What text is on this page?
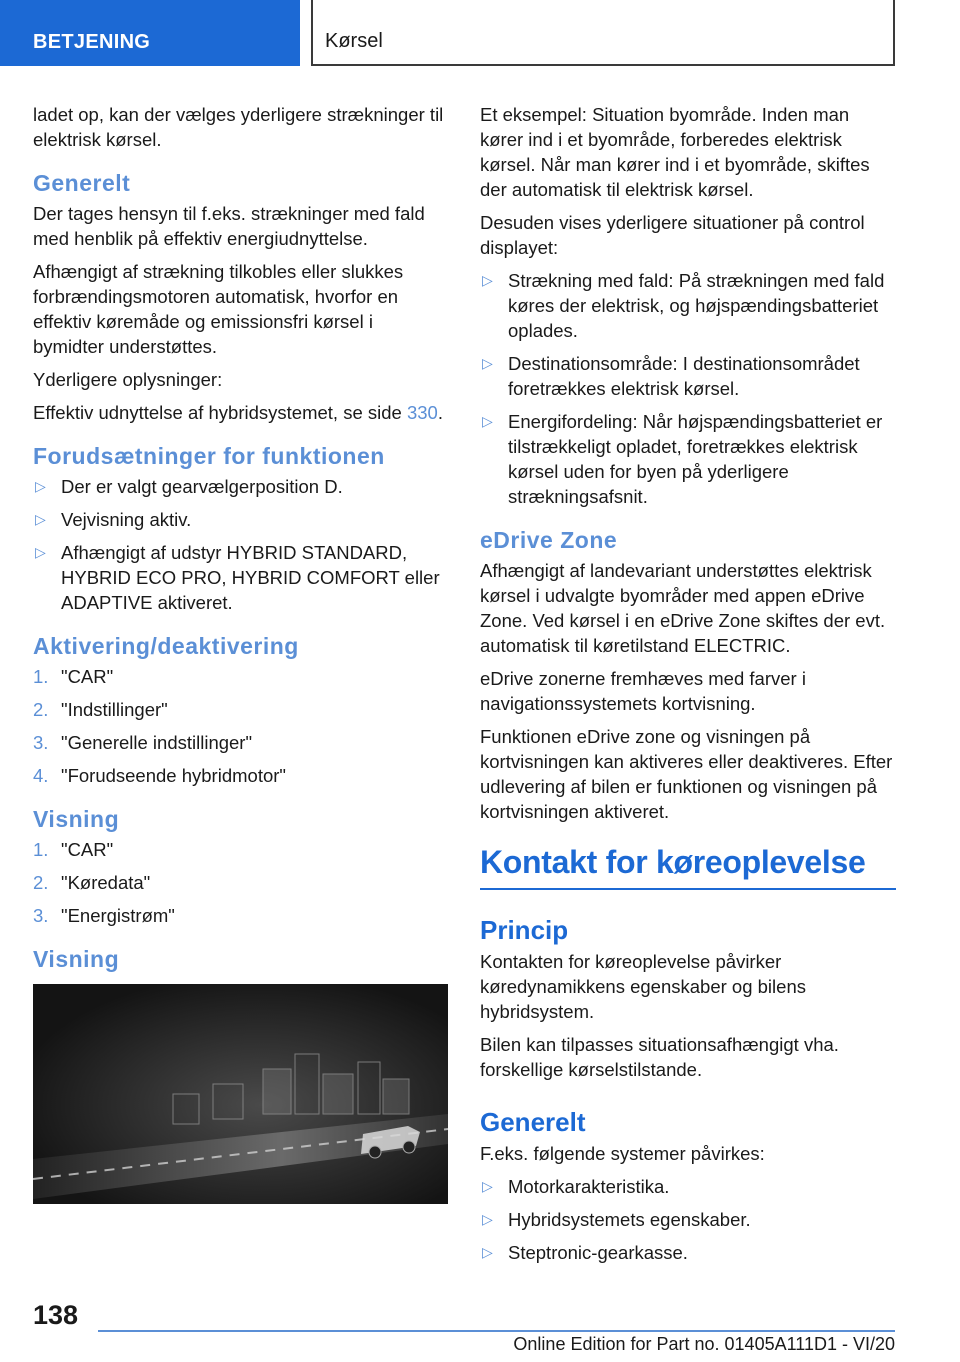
BETJENING	Kørsel

ladet op, kan der vælges yderligere strækninger til elektrisk kørsel.

Generelt

Der tages hensyn til f.eks. strækninger med fald med henblik på effektiv energiudnyttelse.

Afhængigt af strækning tilkobles eller slukkes forbrændingsmotoren automatisk, hvorfor en effektiv køremåde og emissionsfri kørsel i bymidter understøttes.

Yderligere oplysninger:

Effektiv udnyttelse af hybridsystemet, se side 330.

Forudsætninger for funktionen
▷ Der er valgt gearvælgerposition D.
▷ Vejvisning aktiv.
▷ Afhængigt af udstyr HYBRID STANDARD, HYBRID ECO PRO, HYBRID COMFORT eller ADAPTIVE aktiveret.
Aktivering/deaktivering
1. "CAR"
2. "Indstillinger"
3. "Generelle indstillinger"
4. "Forudseende hybridmotor"
Visning
1. "CAR"
2. "Køredata"
3. "Energistrøm"
Visning

Et eksempel: Situation byområde. Inden man kører ind i et byområde, forberedes elektrisk kørsel. Når man kører ind i et byområde, skiftes der automatisk til elektrisk kørsel.

Desuden vises yderligere situationer på control displayet:

▷ Strækning med fald: På strækningen med fald køres der elektrisk, og højspændingsbatteriet oplades.
▷ Destinationsområde: I destinationsområdet foretrækkes elektrisk kørsel.
▷ Energifordeling: Når højspændingsbatteriet er tilstrækkeligt opladet, foretrækkes elektrisk kørsel uden for byen på yderligere strækningsafsnit.
eDrive Zone

Afhængigt af landevariant understøttes elektrisk kørsel i udvalgte byområder med appen eDrive Zone. Ved kørsel i en eDrive Zone skiftes der evt. automatisk til køretilstand ELECTRIC.

eDrive zonerne fremhæves med farver i navigationssystemets kortvisning.

Funktionen eDrive zone og visningen på kortvisningen kan aktiveres eller deaktiveres. Efter udlevering af bilen er funktionen og visningen på kortvisningen aktiveret.

Kontakt for køreoplevelse
Princip

Kontakten for køreoplevelse påvirker køredynamikkens egenskaber og bilens hybridsystem.

Bilen kan tilpasses situationsafhængigt vha. forskellige kørselstilstande.

Generelt

F.eks. følgende systemer påvirkes:

▷ Motorkarakteristika.
▷ Hybridsystemets egenskaber.
▷ Steptronic-gearkasse.
138
Online Edition for Part no. 01405A111D1 - VI/20
